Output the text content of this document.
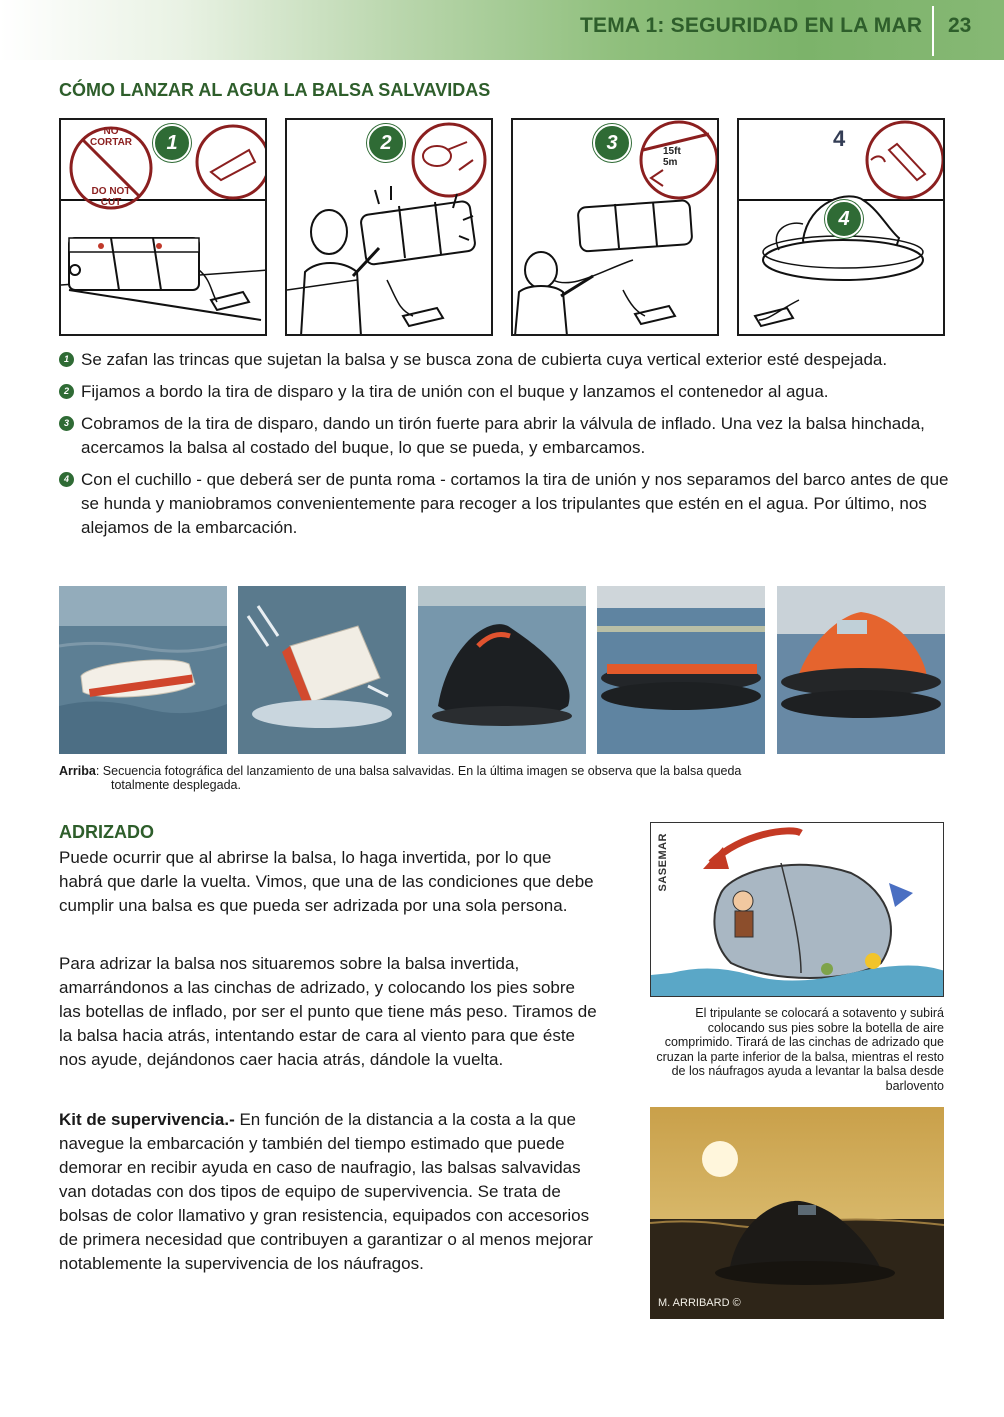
TEMA 1: SEGURIDAD EN LA MAR 23
CÓMO LANZAR AL AGUA LA BALSA SALVAVIDAS
NO
CORTAR
DO NOT
CUT
1	2	15ft
5m
3	4
4
1 Se zafan las trincas que sujetan la balsa y se busca zona de cubierta cuya vertical exterior esté despejada.
2 Fijamos a bordo la tira de disparo y la tira de unión con el buque y lanzamos el contenedor al agua.
3 Cobramos de la tira de disparo, dando un tirón fuerte para abrir la válvula de inflado. Una vez la balsa hinchada, acercamos la balsa al costado del buque, lo que se pueda, y embarcamos.
4 Con el cuchillo - que deberá ser de punta roma - cortamos la tira de unión y nos separamos del barco antes de que se hunda y maniobramos convenientemente para recoger a los tripulantes que estén en el agua. Por último, nos alejamos de la embarcación.
Arriba: Secuencia fotográfica del lanzamiento de una balsa salvavidas. En la última imagen se observa que la balsa queda
totalmente desplegada.
ADRIZADO
Puede ocurrir que al abrirse la balsa, lo haga invertida, por lo que habrá que darle la vuelta. Vimos, que una de las condiciones que debe cumplir una balsa es que pueda ser adrizada por una sola persona.
Para adrizar la balsa nos situaremos sobre la balsa invertida, amarrándonos a las cinchas de adrizado, y colocando los pies sobre las botellas de inflado, por ser el punto que tiene más peso. Tiramos de la balsa hacia atrás, intentando estar de cara al viento para que éste nos ayude, dejándonos caer hacia atrás, dándole la vuelta.
Kit de supervivencia.- En función de la distancia a la costa a la que navegue la embarcación y también del tiempo estimado que puede demorar en recibir ayuda en caso de naufragio, las balsas salvavidas van dotadas con dos tipos de equipo de supervivencia. Se trata de bolsas de color llamativo y gran resistencia, equipados con accesorios de primera necesidad que contribuyen a garantizar o al menos mejorar notablemente la supervivencia de los náufragos.
SASEMAR
El tripulante se colocará a sotavento y subirá colocando sus pies sobre la botella de aire comprimido. Tirará de las cinchas de adrizado que cruzan la parte inferior de la balsa, mientras el resto de los náufragos ayuda a levantar la balsa desde barlovento
M. ARRIBARD ©
